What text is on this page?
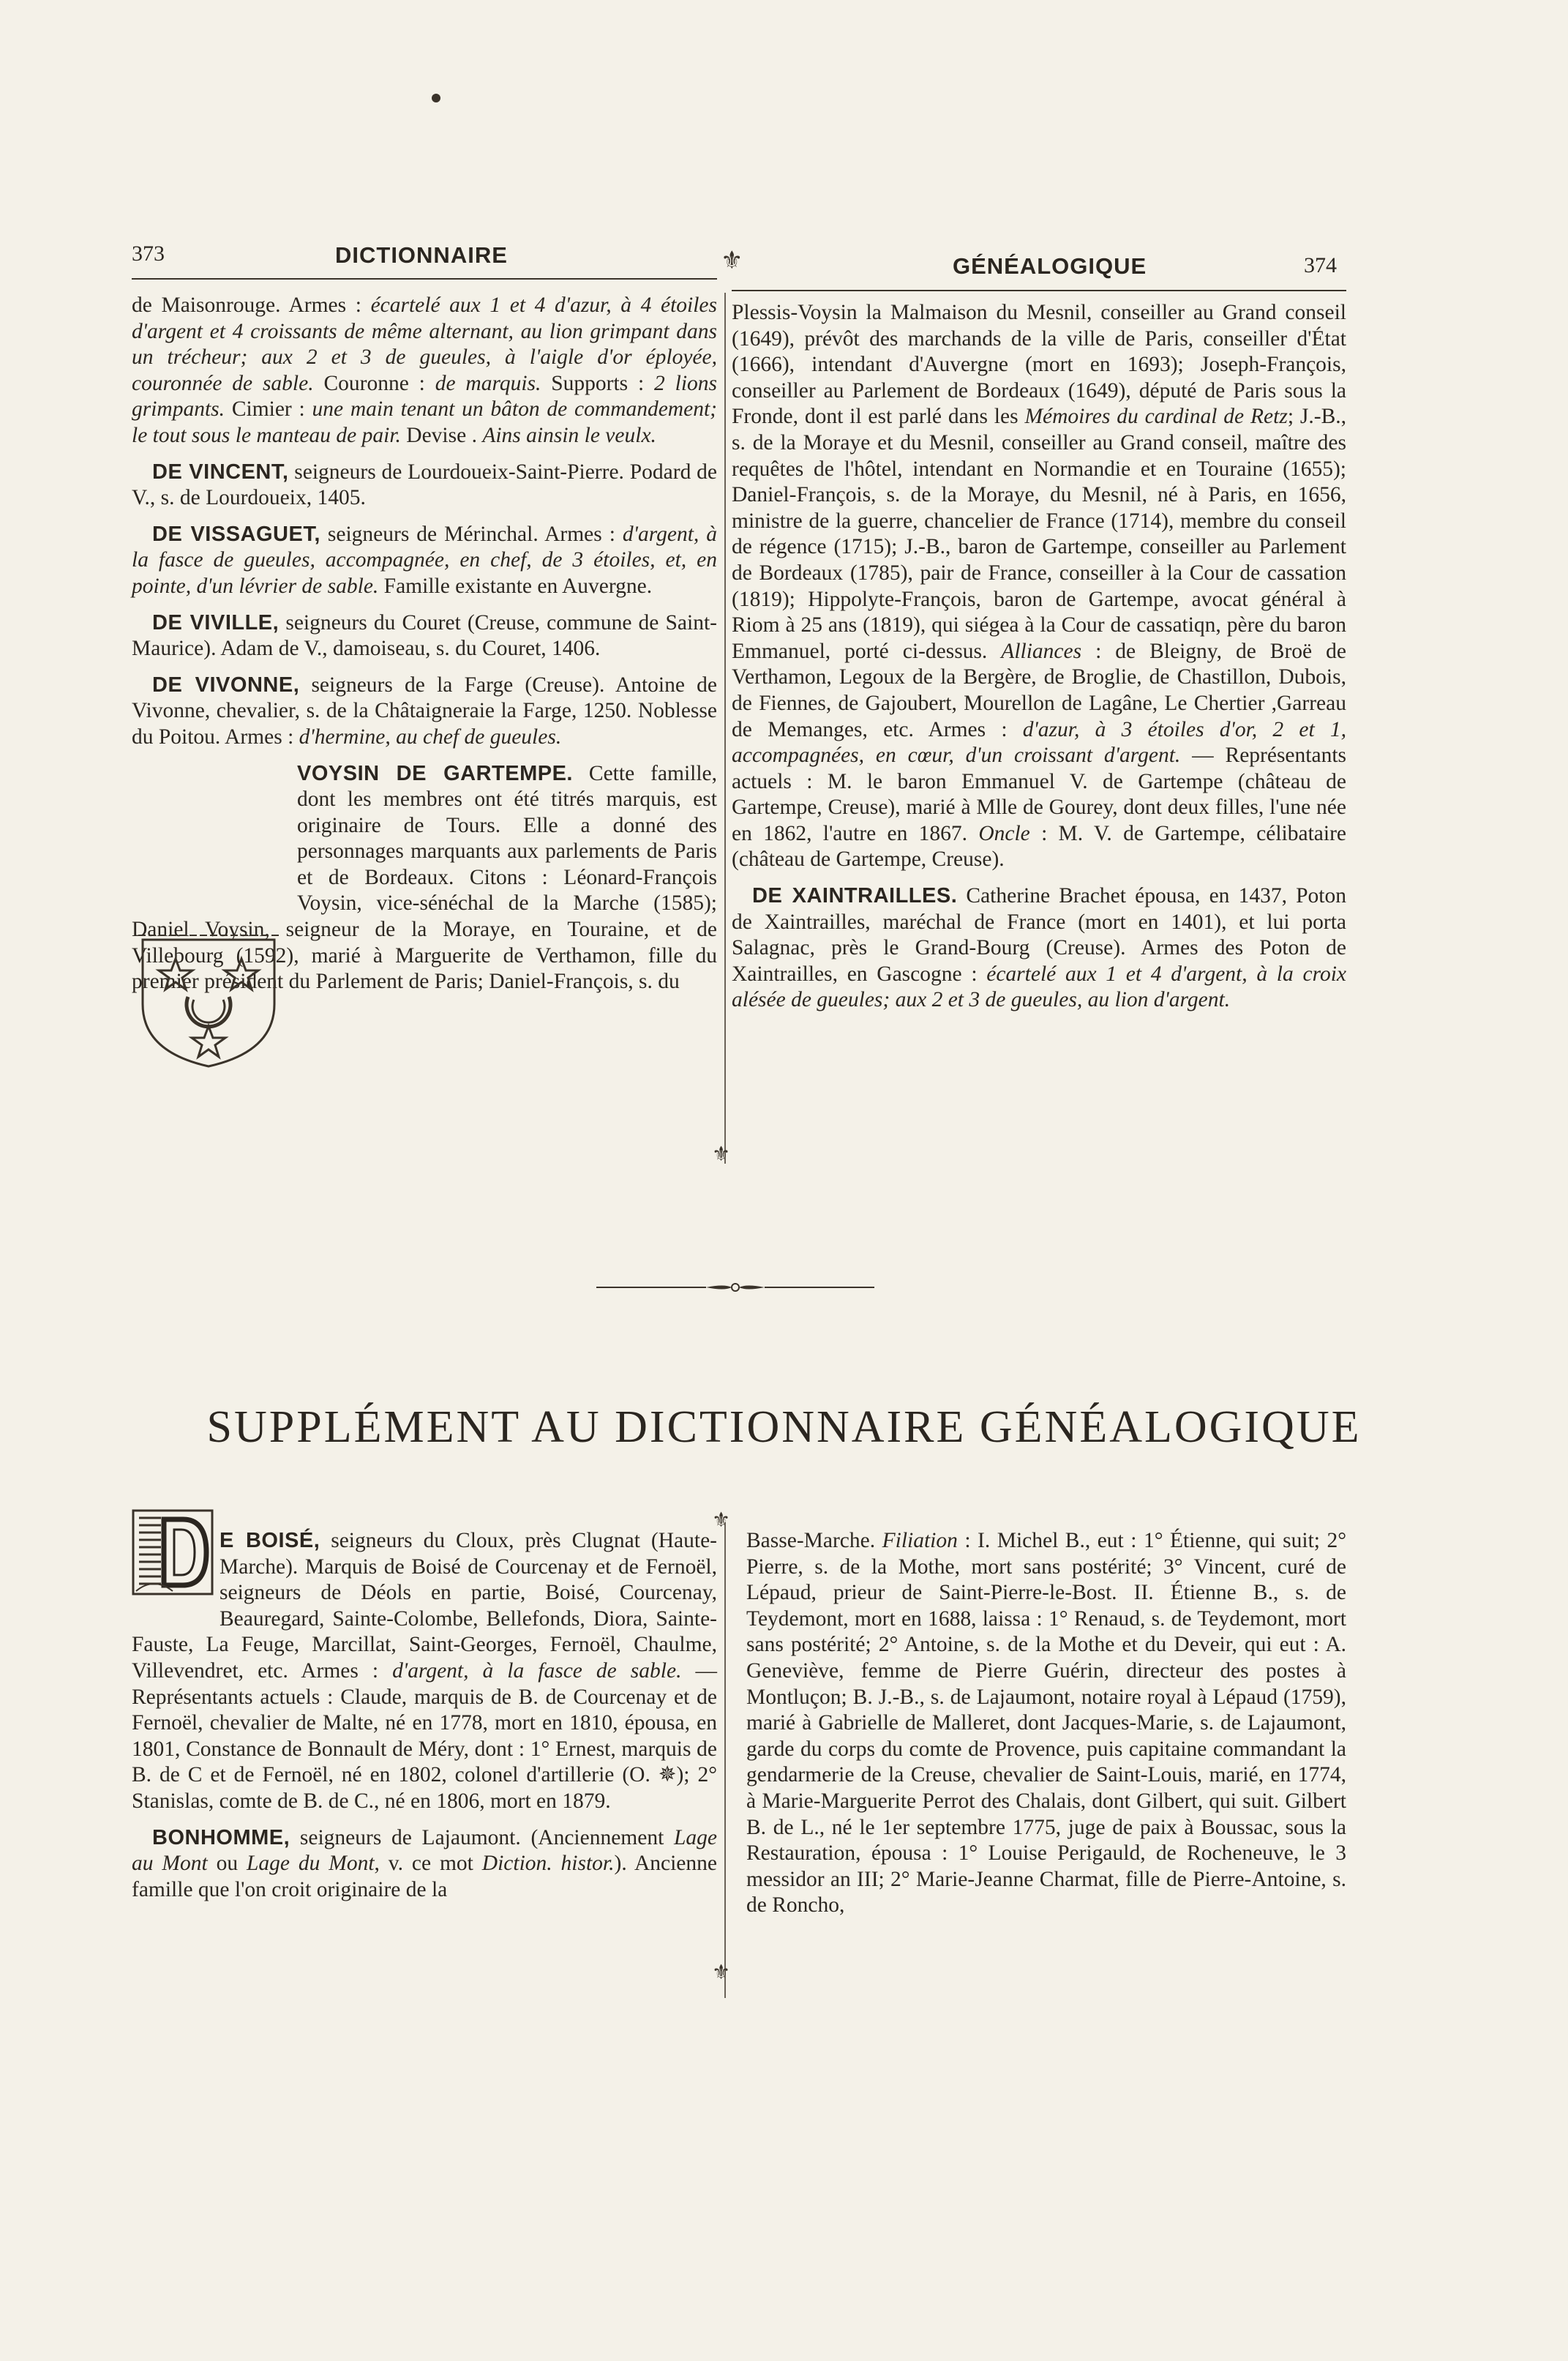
373	DICTIONNAIRE	⚜	GÉNÉALOGIQUE	374

de Maisonrouge. Armes : écartelé aux 1 et 4 d'azur, à 4 étoiles d'argent et 4 croissants de même alternant, au lion grimpant dans un trécheur; aux 2 et 3 de gueules, à l'aigle d'or éployée, couronnée de sable. Couronne : de marquis. Supports : 2 lions grimpants. Cimier : une main tenant un bâton de commandement; le tout sous le manteau de pair. Devise . Ains ainsin le veulx.

DE VINCENT, seigneurs de Lourdoueix-Saint-Pierre. Podard de V., s. de Lourdoueix, 1405.

DE VISSAGUET, seigneurs de Mérinchal. Armes : d'argent, à la fasce de gueules, accompagnée, en chef, de 3 étoiles, et, en pointe, d'un lévrier de sable. Famille existante en Auvergne.

DE VIVILLE, seigneurs du Couret (Creuse, commune de Saint-Maurice). Adam de V., damoiseau, s. du Couret, 1406.

DE VIVONNE, seigneurs de la Farge (Creuse). Antoine de Vivonne, chevalier, s. de la Châtaigneraie la Farge, 1250. Noblesse du Poitou. Armes : d'hermine, au chef de gueules.

VOYSIN DE GARTEMPE. Cette famille, dont les membres ont été titrés marquis, est originaire de Tours. Elle a donné des personnages marquants aux parlements de Paris et de Bordeaux. Citons : Léonard-François Voysin, vice-sénéchal de la Marche (1585); Daniel Voysin, seigneur de la Moraye, en Touraine, et de Villebourg (1592), marié à Marguerite de Verthamon, fille du premier président du Parlement de Paris; Daniel-François, s. du

Plessis-Voysin la Malmaison du Mesnil, conseiller au Grand conseil (1649), prévôt des marchands de la ville de Paris, conseiller d'État (1666), intendant d'Auvergne (mort en 1693); Joseph-François, conseiller au Parlement de Bordeaux (1649), député de Paris sous la Fronde, dont il est parlé dans les Mémoires du cardinal de Retz; J.-B., s. de la Moraye et du Mesnil, conseiller au Grand conseil, maître des requêtes de l'hôtel, intendant en Normandie et en Touraine (1655); Daniel-François, s. de la Moraye, du Mesnil, né à Paris, en 1656, ministre de la guerre, chancelier de France (1714), membre du conseil de régence (1715); J.-B., baron de Gartempe, conseiller au Parlement de Bordeaux (1785), pair de France, conseiller à la Cour de cassation (1819); Hippolyte-François, baron de Gartempe, avocat général à Riom à 25 ans (1819), qui siégea à la Cour de cassatiqn, père du baron Emmanuel, porté ci-dessus. Alliances : de Bleigny, de Broë de Verthamon, Legoux de la Bergère, de Broglie, de Chastillon, Dubois, de Fiennes, de Gajoubert, Mourellon de Lagâne, Le Chertier ,Garreau de Memanges, etc. Armes : d'azur, à 3 étoiles d'or, 2 et 1, accompagnées, en cœur, d'un croissant d'argent. — Représentants actuels : M. le baron Emmanuel V. de Gartempe (château de Gartempe, Creuse), marié à Mlle de Gourey, dont deux filles, l'une née en 1862, l'autre en 1867. Oncle : M. V. de Gartempe, célibataire (château de Gartempe, Creuse).

DE XAINTRAILLES. Catherine Brachet épousa, en 1437, Poton de Xaintrailles, maréchal de France (mort en 1401), et lui porta Salagnac, près le Grand-Bourg (Creuse). Armes des Poton de Xaintrailles, en Gascogne : écartelé aux 1 et 4 d'argent, à la croix alésée de gueules; aux 2 et 3 de gueules, au lion d'argent.

⚜
SUPPLÉMENT AU DICTIONNAIRE GÉNÉALOGIQUE
⚜
⚜

E BOISÉ, seigneurs du Cloux, près Clugnat (Haute-Marche). Marquis de Boisé de Courcenay et de Fernoël, seigneurs de Déols en partie, Boisé, Courcenay, Beauregard, Sainte-Colombe, Bellefonds, Diora, Sainte-Fauste, La Feuge, Marcillat, Saint-Georges, Fernoël, Chaulme, Villevendret, etc. Armes : d'argent, à la fasce de sable. — Représentants actuels : Claude, marquis de B. de Courcenay et de Fernoël, chevalier de Malte, né en 1778, mort en 1810, épousa, en 1801, Constance de Bonnault de Méry, dont : 1° Ernest, marquis de B. de C et de Fernoël, né en 1802, colonel d'artillerie (O. ✵); 2° Stanislas, comte de B. de C., né en 1806, mort en 1879.

BONHOMME, seigneurs de Lajaumont. (Anciennement Lage au Mont ou Lage du Mont, v. ce mot Diction. histor.). Ancienne famille que l'on croit originaire de la

Basse-Marche. Filiation : I. Michel B., eut : 1° Étienne, qui suit; 2° Pierre, s. de la Mothe, mort sans postérité; 3° Vincent, curé de Lépaud, prieur de Saint-Pierre-le-Bost. II. Étienne B., s. de Teydemont, mort en 1688, laissa : 1° Renaud, s. de Teydemont, mort sans postérité; 2° Antoine, s. de la Mothe et du Deveir, qui eut : A. Geneviève, femme de Pierre Guérin, directeur des postes à Montluçon; B. J.-B., s. de Lajaumont, notaire royal à Lépaud (1759), marié à Gabrielle de Malleret, dont Jacques-Marie, s. de Lajaumont, garde du corps du comte de Provence, puis capitaine commandant la gendarmerie de la Creuse, chevalier de Saint-Louis, marié, en 1774, à Marie-Marguerite Perrot des Chalais, dont Gilbert, qui suit. Gilbert B. de L., né le 1er septembre 1775, juge de paix à Boussac, sous la Restauration, épousa : 1° Louise Perigauld, de Rocheneuve, le 3 messidor an III; 2° Marie-Jeanne Charmat, fille de Pierre-Antoine, s. de Roncho,
